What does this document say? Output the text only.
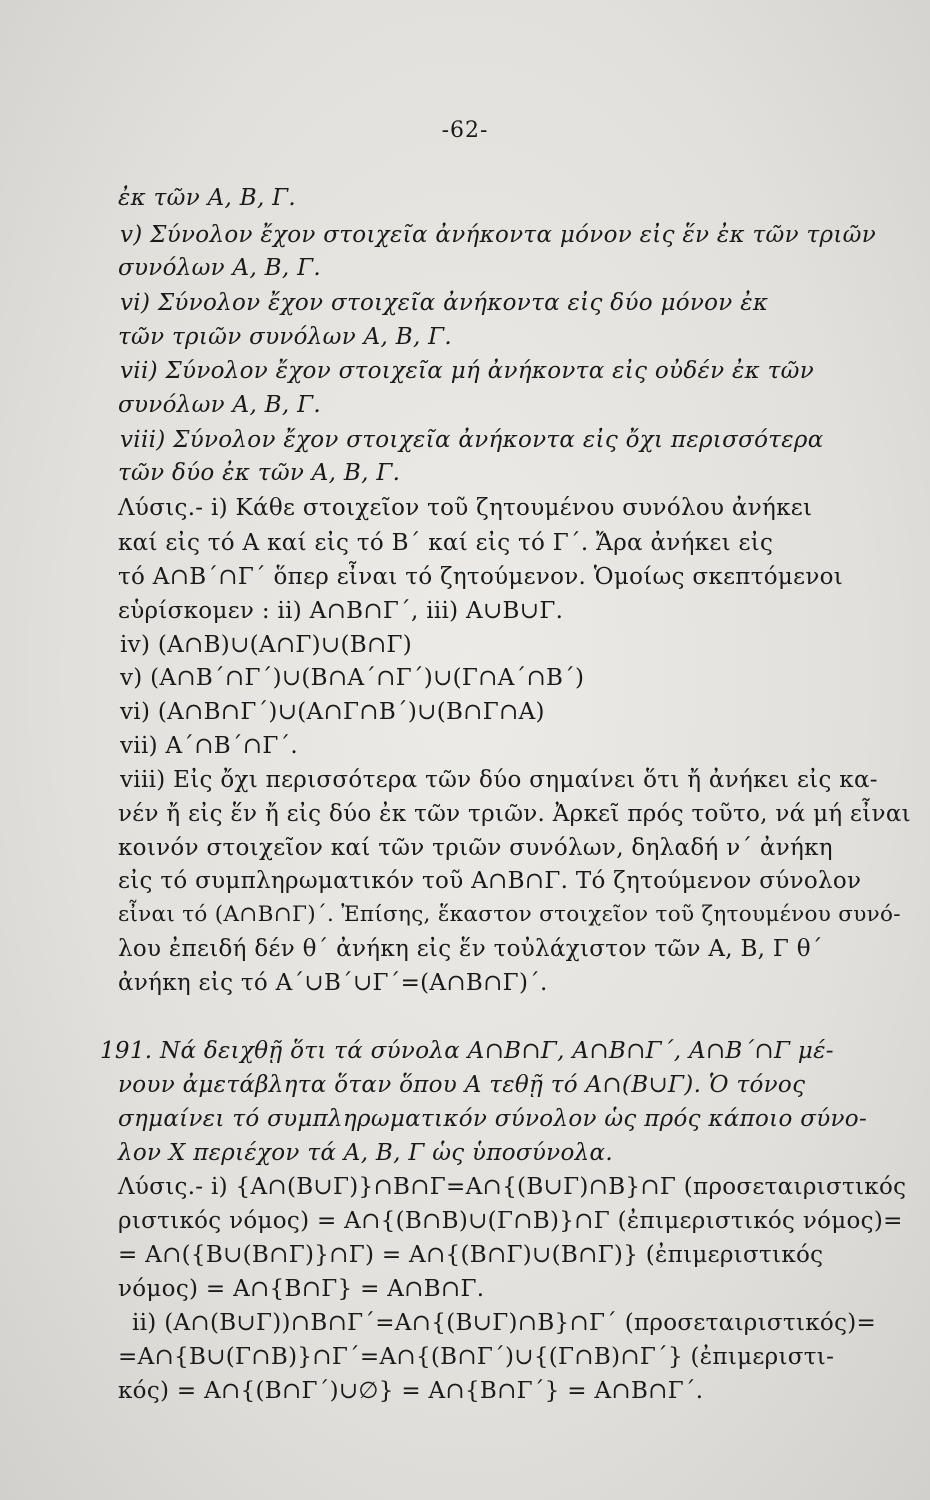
-62-
ἐκ τῶν Α, Β, Γ.
v) Σύνολον ἔχον στοιχεῖα ἀνήκοντα μόνον εἰς ἕν ἐκ τῶν τριῶν
συνόλων Α, Β, Γ.
vi) Σύνολον ἔχον στοιχεῖα ἀνήκοντα εἰς δύο μόνον ἐκ
τῶν τριῶν συνόλων Α, Β, Γ.
vii) Σύνολον ἔχον στοιχεῖα μή ἀνήκοντα εἰς οὐδέν ἐκ τῶν
συνόλων Α, Β, Γ.
viii) Σύνολον ἔχον στοιχεῖα ἀνήκοντα εἰς ὄχι περισσότερα
τῶν δύο ἐκ τῶν Α, Β, Γ.
Λύσις.- i) Κάθε στοιχεῖον τοῦ ζητουμένου συνόλου ἀνήκει
καί εἰς τό Α καί εἰς τό Β΄ καί εἰς τό Γ΄. Ἄρα ἀνήκει εἰς
τό Α∩Β΄∩Γ΄ ὅπερ εἶναι τό ζητούμενον. Ὁμοίως σκεπτόμενοι
εὑρίσκομεν : ii) Α∩Β∩Γ΄, iii) Α∪Β∪Γ.
iv) (Α∩Β)∪(Α∩Γ)∪(Β∩Γ)
v) (Α∩Β΄∩Γ΄)∪(Β∩Α΄∩Γ΄)∪(Γ∩Α΄∩Β΄)
vi) (Α∩Β∩Γ΄)∪(Α∩Γ∩Β΄)∪(Β∩Γ∩Α)
vii) Α΄∩Β΄∩Γ΄.
viii) Εἰς ὄχι περισσότερα τῶν δύο σημαίνει ὅτι ἤ ἀνήκει εἰς κα-
νέν ἤ εἰς ἕν ἤ εἰς δύο ἐκ τῶν τριῶν. Ἀρκεῖ πρός τοῦτο, νά μή εἶναι
κοινόν στοιχεῖον καί τῶν τριῶν συνόλων, δηλαδή ν΄ ἀνήκη
εἰς τό συμπληρωματικόν τοῦ Α∩Β∩Γ. Τό ζητούμενον σύνολον
εἶναι τό (Α∩Β∩Γ)΄. Ἐπίσης, ἕκαστον στοιχεῖον τοῦ ζητουμένου συνό-
λου ἐπειδή δέν θ΄ ἀνήκη εἰς ἕν τοὐλάχιστον τῶν Α, Β, Γ θ΄
ἀνήκη εἰς τό Α΄∪Β΄∪Γ΄=(Α∩Β∩Γ)΄.
191. Νά δειχθῇ ὅτι τά σύνολα Α∩Β∩Γ, Α∩Β∩Γ΄, Α∩Β΄∩Γ μέ-
νουν ἀμετάβλητα ὅταν ὅπου Α τεθῇ τό Α∩(Β∪Γ). Ὁ τόνος
σημαίνει τό συμπληρωματικόν σύνολον ὡς πρός κάποιο σύνο-
λον Χ περιέχον τά Α, Β, Γ ὡς ὑποσύνολα.
Λύσις.- i) {Α∩(Β∪Γ)}∩Β∩Γ=Α∩{(Β∪Γ)∩Β}∩Γ (προσεταιριστικός
ριστικός νόμος) = Α∩{(Β∩Β)∪(Γ∩Β)}∩Γ (ἐπιμεριστικός νόμος)=
= Α∩({Β∪(Β∩Γ)}∩Γ) = Α∩{(Β∩Γ)∪(Β∩Γ)} (ἐπιμεριστικός
νόμος) = Α∩{Β∩Γ} = Α∩Β∩Γ.
ii) (Α∩(Β∪Γ))∩Β∩Γ΄=Α∩{(Β∪Γ)∩Β}∩Γ΄ (προσεταιριστικός)=
=Α∩{Β∪(Γ∩Β)}∩Γ΄=Α∩{(Β∩Γ΄)∪{(Γ∩Β)∩Γ΄} (ἐπιμεριστι-
κός) = Α∩{(Β∩Γ΄)∪∅} = Α∩{Β∩Γ΄} = Α∩Β∩Γ΄.
